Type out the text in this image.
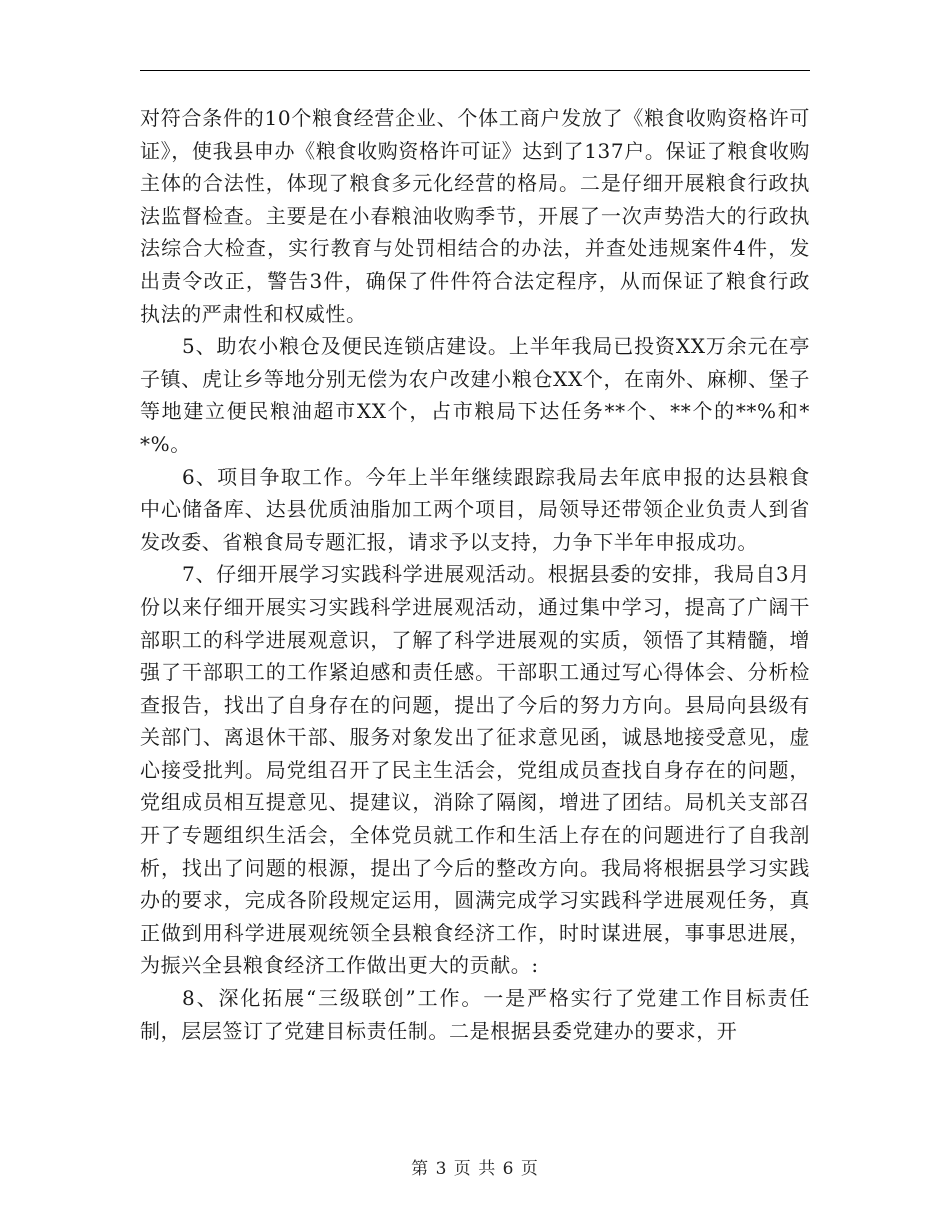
对符合条件的10个粮食经营企业、个体工商户发放了《粮食收购资格许可证》，使我县申办《粮食收购资格许可证》达到了137户。保证了粮食收购主体的合法性，体现了粮食多元化经营的格局。二是仔细开展粮食行政执法监督检查。主要是在小春粮油收购季节，开展了一次声势浩大的行政执法综合大检查，实行教育与处罚相结合的办法，并查处违规案件4件，发出责令改正，警告3件，确保了件件符合法定程序，从而保证了粮食行政执法的严肃性和权威性。

5、助农小粮仓及便民连锁店建设。上半年我局已投资XX万余元在亭子镇、虎让乡等地分别无偿为农户改建小粮仓XX个，在南外、麻柳、堡子等地建立便民粮油超市XX个，占市粮局下达任务**个、**个的**%和**%。

6、项目争取工作。今年上半年继续跟踪我局去年底申报的达县粮食中心储备库、达县优质油脂加工两个项目，局领导还带领企业负责人到省发改委、省粮食局专题汇报，请求予以支持，力争下半年申报成功。

7、仔细开展学习实践科学进展观活动。根据县委的安排，我局自3月份以来仔细开展实习实践科学进展观活动，通过集中学习，提高了广阔干部职工的科学进展观意识，了解了科学进展观的实质，领悟了其精髓，增强了干部职工的工作紧迫感和责任感。干部职工通过写心得体会、分析检查报告，找出了自身存在的问题，提出了今后的努力方向。县局向县级有关部门、离退休干部、服务对象发出了征求意见函，诚恳地接受意见，虚心接受批判。局党组召开了民主生活会，党组成员查找自身存在的问题，党组成员相互提意见、提建议，消除了隔阂，增进了团结。局机关支部召开了专题组织生活会，全体党员就工作和生活上存在的问题进行了自我剖析，找出了问题的根源，提出了今后的整改方向。我局将根据县学习实践办的要求，完成各阶段规定运用，圆满完成学习实践科学进展观任务，真正做到用科学进展观统领全县粮食经济工作，时时谋进展，事事思进展，为振兴全县粮食经济工作做出更大的贡献。:

8、深化拓展“三级联创”工作。一是严格实行了党建工作目标责任制，层层签订了党建目标责任制。二是根据县委党建办的要求，开

第 3 页 共 6 页
